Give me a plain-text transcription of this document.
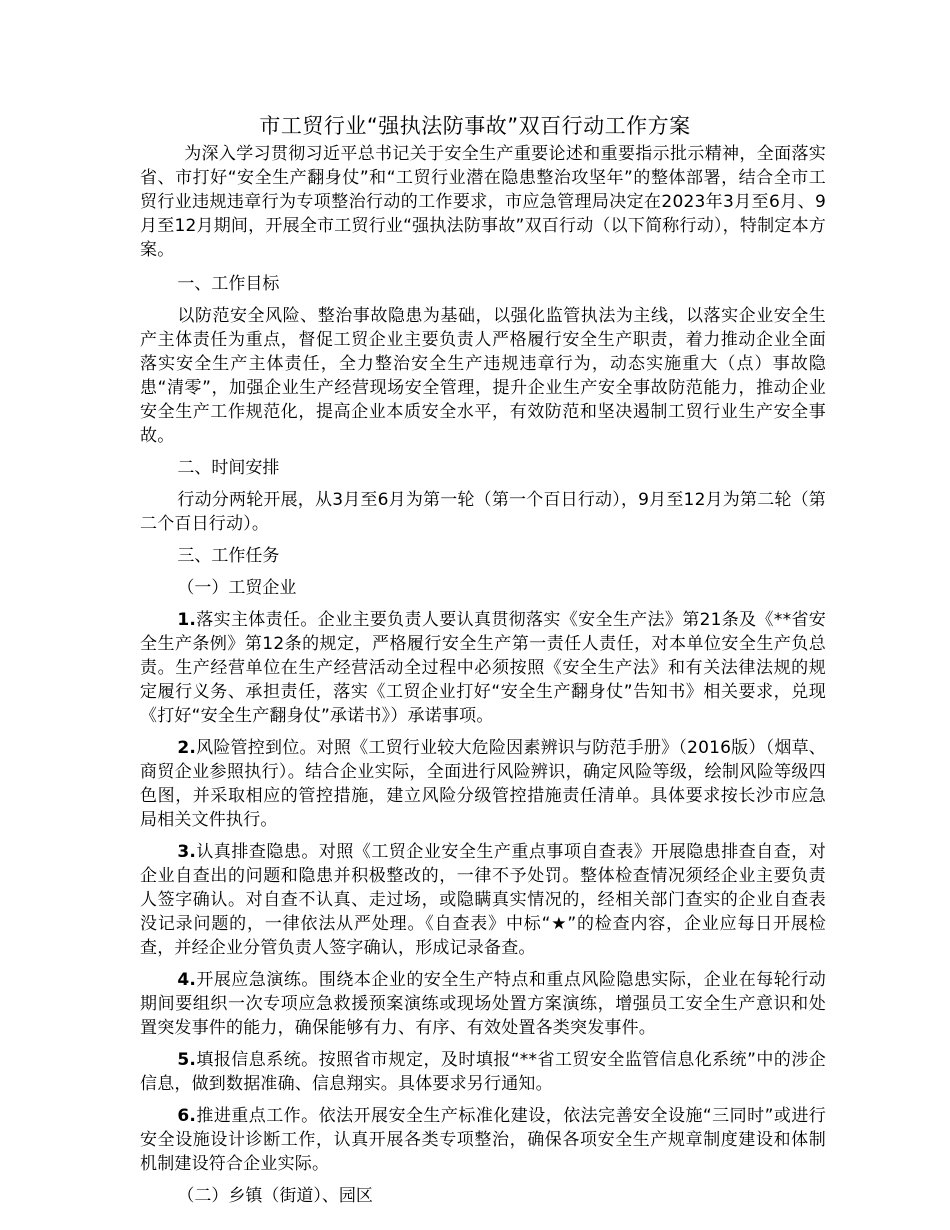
市工贸行业“强执法防事故”双百行动工作方案

为深入学习贯彻习近平总书记关于安全生产重要论述和重要指示批示精神，全面落实省、市打好“安全生产翻身仗”和“工贸行业潜在隐患整治攻坚年”的整体部署，结合全市工贸行业违规违章行为专项整治行动的工作要求，市应急管理局决定在2023年3月至6月、9月至12月期间，开展全市工贸行业“强执法防事故”双百行动（以下简称行动），特制定本方案。

一、工作目标

以防范安全风险、整治事故隐患为基础，以强化监管执法为主线，以落实企业安全生产主体责任为重点，督促工贸企业主要负责人严格履行安全生产职责，着力推动企业全面落实安全生产主体责任，全力整治安全生产违规违章行为，动态实施重大（点）事故隐患“清零”，加强企业生产经营现场安全管理，提升企业生产安全事故防范能力，推动企业安全生产工作规范化，提高企业本质安全水平，有效防范和坚决遏制工贸行业生产安全事故。

二、时间安排

行动分两轮开展，从3月至6月为第一轮（第一个百日行动），9月至12月为第二轮（第二个百日行动）。

三、工作任务

（一）工贸企业

1.落实主体责任。企业主要负责人要认真贯彻落实《安全生产法》第21条及《**省安全生产条例》第12条的规定，严格履行安全生产第一责任人责任，对本单位安全生产负总责。生产经营单位在生产经营活动全过程中必须按照《安全生产法》和有关法律法规的规定履行义务、承担责任，落实《工贸企业打好“安全生产翻身仗”告知书》相关要求，兑现《打好“安全生产翻身仗”承诺书》）承诺事项。

2.风险管控到位。对照《工贸行业较大危险因素辨识与防范手册》（2016版）（烟草、商贸企业参照执行）。结合企业实际，全面进行风险辨识，确定风险等级，绘制风险等级四色图，并采取相应的管控措施，建立风险分级管控措施责任清单。具体要求按长沙市应急局相关文件执行。

3.认真排查隐患。对照《工贸企业安全生产重点事项自查表》开展隐患排查自查，对企业自查出的问题和隐患并积极整改的，一律不予处罚。整体检查情况须经企业主要负责人签字确认。对自查不认真、走过场，或隐瞒真实情况的，经相关部门查实的企业自查表没记录问题的，一律依法从严处理。《自查表》中标“★”的检查内容，企业应每日开展检查，并经企业分管负责人签字确认，形成记录备查。

4.开展应急演练。围绕本企业的安全生产特点和重点风险隐患实际，企业在每轮行动期间要组织一次专项应急救援预案演练或现场处置方案演练，增强员工安全生产意识和处置突发事件的能力，确保能够有力、有序、有效处置各类突发事件。

5.填报信息系统。按照省市规定，及时填报“**省工贸安全监管信息化系统”中的涉企信息，做到数据准确、信息翔实。具体要求另行通知。

6.推进重点工作。依法开展安全生产标准化建设，依法完善安全设施“三同时”或进行安全设施设计诊断工作，认真开展各类专项整治，确保各项安全生产规章制度建设和体制机制建设符合企业实际。

（二）乡镇（街道）、园区
